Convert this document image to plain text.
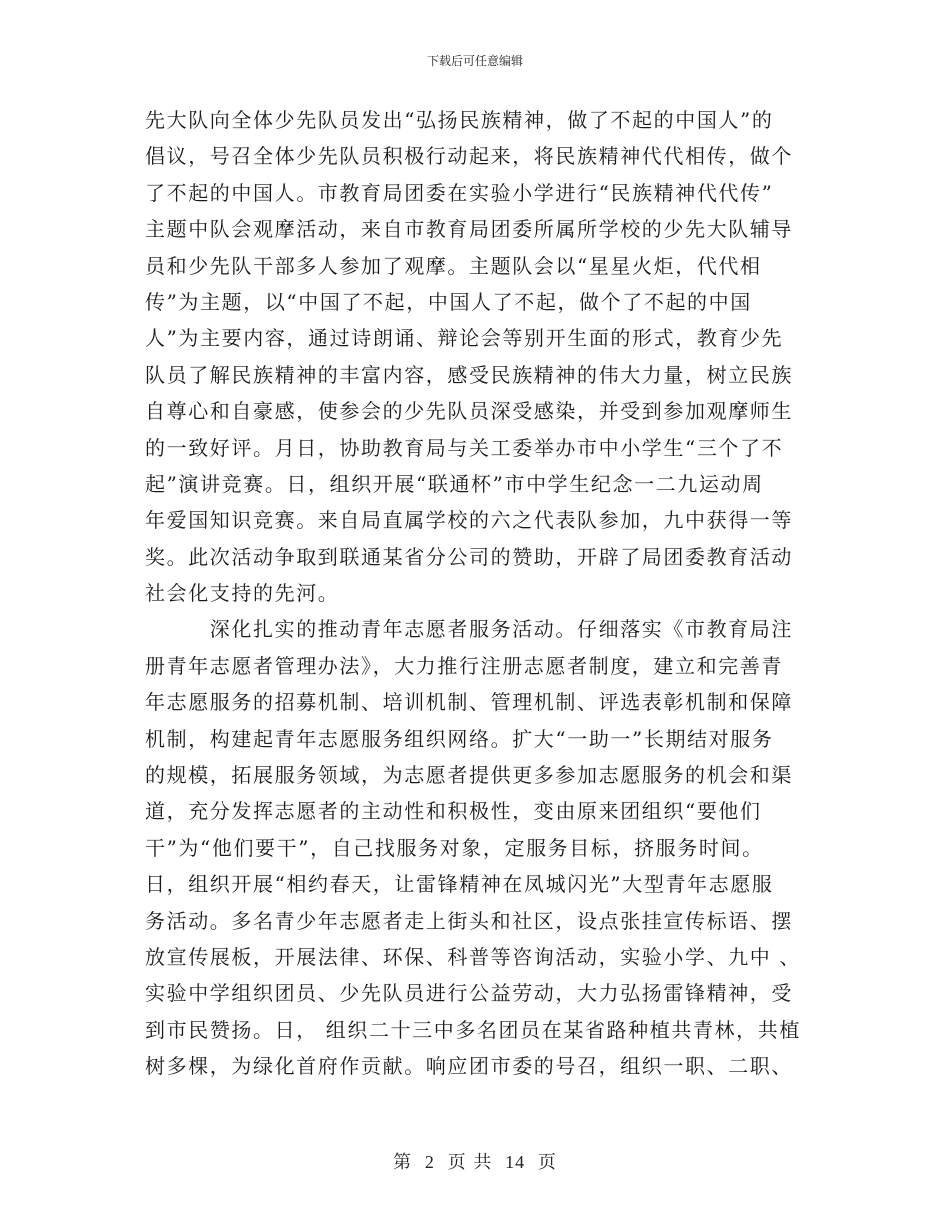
下载后可任意编辑
先大队向全体少先队员发出“弘扬民族精神，做了不起的中国人”的
倡议，号召全体少先队员积极行动起来，将民族精神代代相传，做个
了不起的中国人。市教育局团委在实验小学进行“民族精神代代传”
主题中队会观摩活动，来自市教育局团委所属所学校的少先大队辅导
员和少先队干部多人参加了观摩。主题队会以“星星火炬，代代相
传”为主题，以“中国了不起，中国人了不起，做个了不起的中国
人”为主要内容，通过诗朗诵、辩论会等别开生面的形式，教育少先
队员了解民族精神的丰富内容，感受民族精神的伟大力量，树立民族
自尊心和自豪感，使参会的少先队员深受感染，并受到参加观摩师生
的一致好评。月日，协助教育局与关工委举办市中小学生“三个了不
起”演讲竞赛。日，组织开展“联通杯”市中学生纪念一二九运动周
年爱国知识竞赛。来自局直属学校的六之代表队参加，九中获得一等
奖。此次活动争取到联通某省分公司的赞助，开辟了局团委教育活动
社会化支持的先河。
　　　深化扎实的推动青年志愿者服务活动。仔细落实《市教育局注
册青年志愿者管理办法》，大力推行注册志愿者制度，建立和完善青
年志愿服务的招募机制、培训机制、管理机制、评选表彰机制和保障
机制，构建起青年志愿服务组织网络。扩大“一助一”长期结对服务
的规模，拓展服务领域，为志愿者提供更多参加志愿服务的机会和渠
道，充分发挥志愿者的主动性和积极性，变由原来团组织“要他们
干”为“他们要干”，自己找服务对象，定服务目标，挤服务时间。
日，组织开展“相约春天，让雷锋精神在凤城闪光”大型青年志愿服
务活动。多名青少年志愿者走上街头和社区，设点张挂宣传标语、摆
放宣传展板，开展法律、环保、科普等咨询活动，实验小学、九中 、
实验中学组织团员、少先队员进行公益劳动，大力弘扬雷锋精神，受
到市民赞扬。日， 组织二十三中多名团员在某省路种植共青林，共植
树多棵，为绿化首府作贡献。响应团市委的号召，组织一职、二职、
第 2 页 共 14 页
